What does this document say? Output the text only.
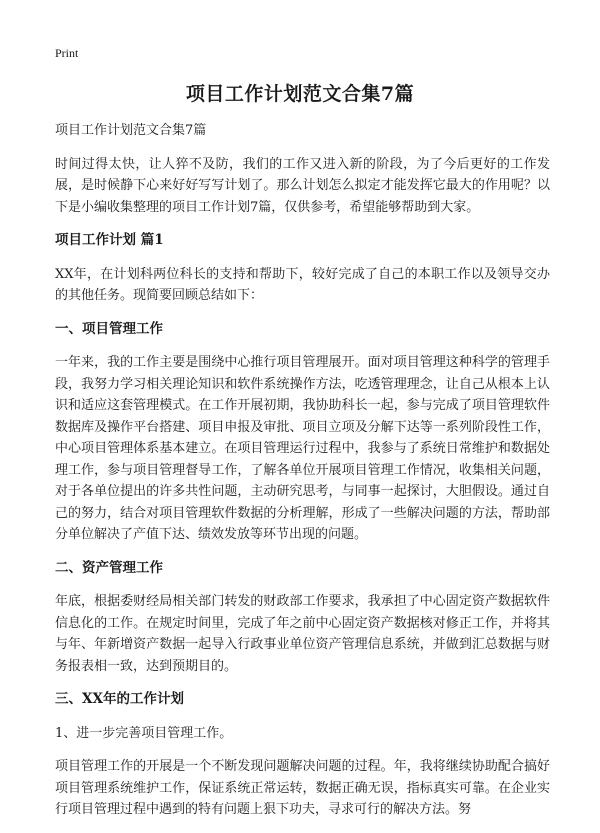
Print
项目工作计划范文合集7篇

项目工作计划范文合集7篇

时间过得太快，让人猝不及防，我们的工作又进入新的阶段，为了今后更好的工作发展，是时候静下心来好好写写计划了。那么计划怎么拟定才能发挥它最大的作用呢？以下是小编收集整理的项目工作计划7篇，仅供参考，希望能够帮助到大家。

项目工作计划 篇1

XX年，在计划科两位科长的支持和帮助下，较好完成了自己的本职工作以及领导交办的其他任务。现简要回顾总结如下：

一、项目管理工作

一年来，我的工作主要是围绕中心推行项目管理展开。面对项目管理这种科学的管理手段，我努力学习相关理论知识和软件系统操作方法，吃透管理理念，让自己从根本上认识和适应这套管理模式。在工作开展初期，我协助科长一起，参与完成了项目管理软件数据库及操作平台搭建、项目申报及审批、项目立项及分解下达等一系列阶段性工作，中心项目管理体系基本建立。在项目管理运行过程中，我参与了系统日常维护和数据处理工作，参与项目管理督导工作，了解各单位开展项目管理工作情况，收集相关问题，对于各单位提出的许多共性问题，主动研究思考，与同事一起探讨，大胆假设。通过自己的努力，结合对项目管理软件数据的分析理解，形成了一些解决问题的方法，帮助部分单位解决了产值下达、绩效发放等环节出现的问题。

二、资产管理工作

年底，根据委财经局相关部门转发的财政部工作要求，我承担了中心固定资产数据软件信息化的工作。在规定时间里，完成了年之前中心固定资产数据核对修正工作，并将其与年、年新增资产数据一起导入行政事业单位资产管理信息系统，并做到汇总数据与财务报表相一致，达到预期目的。

三、XX年的工作计划

1、进一步完善项目管理工作。

项目管理工作的开展是一个不断发现问题解决问题的过程。年，我将继续协助配合搞好项目管理系统维护工作，保证系统正常运转，数据正确无误，指标真实可靠。在企业实行项目管理过程中遇到的特有问题上狠下功夫，寻求可行的解决方法。努
